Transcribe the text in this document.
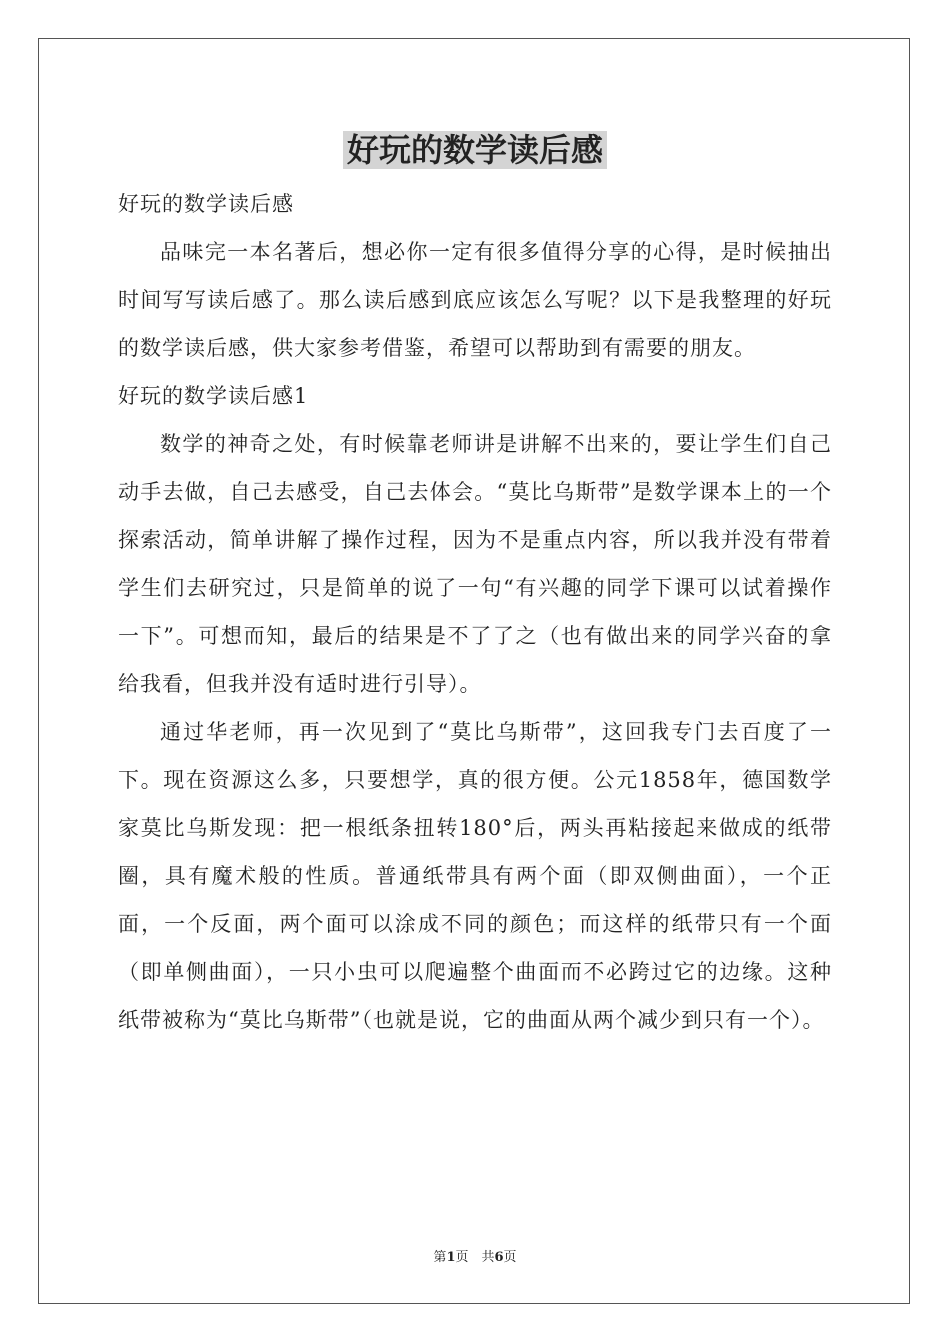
好玩的数学读后感

好玩的数学读后感

品味完一本名著后，想必你一定有很多值得分享的心得，是时候抽出时间写写读后感了。那么读后感到底应该怎么写呢？以下是我整理的好玩的数学读后感，供大家参考借鉴，希望可以帮助到有需要的朋友。

好玩的数学读后感1

数学的神奇之处，有时候靠老师讲是讲解不出来的，要让学生们自己动手去做，自己去感受，自己去体会。“莫比乌斯带”是数学课本上的一个探索活动，简单讲解了操作过程，因为不是重点内容，所以我并没有带着学生们去研究过，只是简单的说了一句“有兴趣的同学下课可以试着操作一下”。可想而知，最后的结果是不了了之（也有做出来的同学兴奋的拿给我看，但我并没有适时进行引导）。

通过华老师，再一次见到了“莫比乌斯带”，这回我专门去百度了一下。现在资源这么多，只要想学，真的很方便。公元1858年，德国数学家莫比乌斯发现：把一根纸条扭转180°后，两头再粘接起来做成的纸带圈，具有魔术般的性质。普通纸带具有两个面（即双侧曲面），一个正面，一个反面，两个面可以涂成不同的颜色；而这样的纸带只有一个面（即单侧曲面），一只小虫可以爬遍整个曲面而不必跨过它的边缘。这种纸带被称为“莫比乌斯带”（也就是说，它的曲面从两个减少到只有一个）。

第1页　共6页
